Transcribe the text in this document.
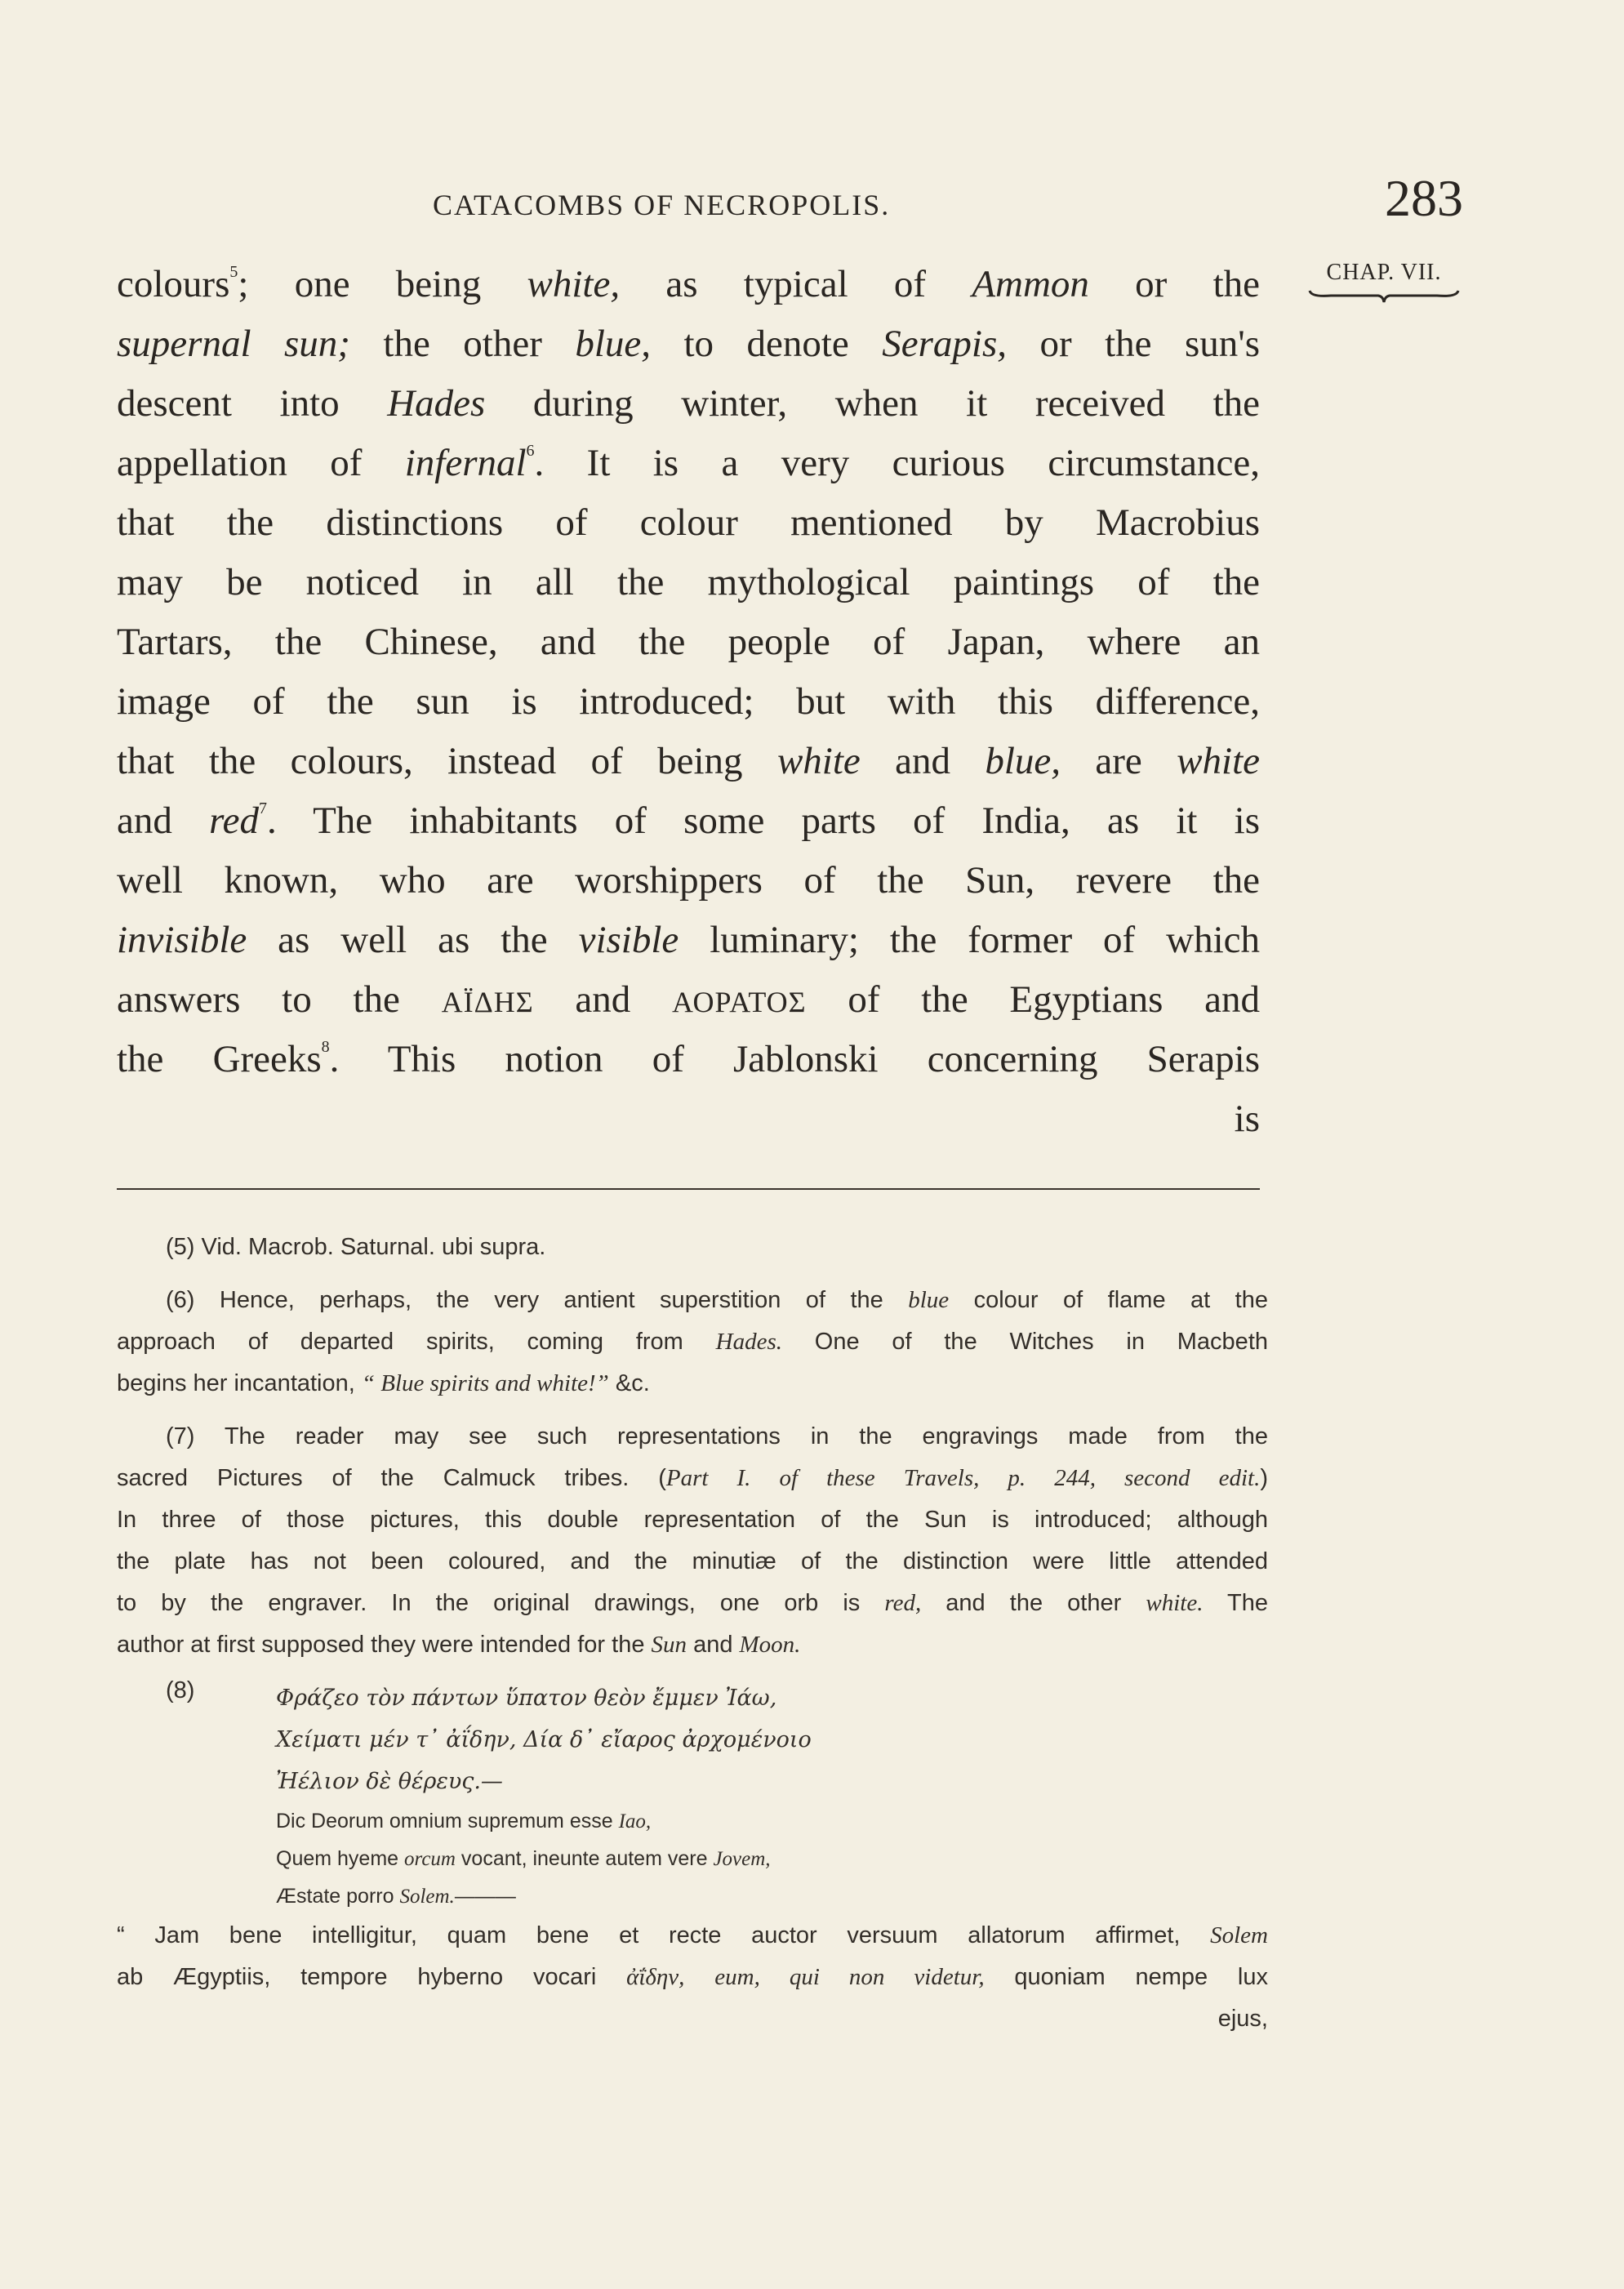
CATACOMBS OF NECROPOLIS.	283
CHAP. VII.
colours$^5$; one being white, as typical of Ammon or the
supernal sun; the other blue, to denote Serapis, or the sun's
descent into Hades during winter, when it received the
appellation of infernal$^6$. It is a very curious circumstance,
that the distinctions of colour mentioned by Macrobius
may be noticed in all the mythological paintings of the
Tartars, the Chinese, and the people of Japan, where an
image of the sun is introduced; but with this difference,
that the colours, instead of being white and blue, are white
and red$^7$. The inhabitants of some parts of India, as it is
well known, who are worshippers of the Sun, revere the
invisible as well as the visible luminary; the former of which
answers to the ΑΪΔΗΣ and ΑΟΡΑΤΟΣ of the Egyptians and
the Greeks$^8$. This notion of Jablonski concerning Serapis
is
(5) Vid. Macrob. Saturnal. ubi supra.
(6) Hence, perhaps, the very antient superstition of the blue colour of flame at the
approach of departed spirits, coming from Hades. One of the Witches in Macbeth
begins her incantation, “ Blue spirits and white!” &c.
(7) The reader may see such representations in the engravings made from the
sacred Pictures of the Calmuck tribes. (Part I. of these Travels, p. 244, second edit.)
In three of those pictures, this double representation of the Sun is introduced; although
the plate has not been coloured, and the minutiæ of the distinction were little attended
to by the engraver. In the original drawings, one orb is red, and the other white. The
author at first supposed they were intended for the Sun and Moon.
(8)	Φράζεο τὸν πάντων ὕπατον θεὸν ἔμμεν Ἰάω,
Χείματι μέν τ᾽ ἀΐδην, Δία δ᾽ εἴαρος ἀρχομένοιο
Ἠέλιον δὲ θέρευς.—
Dic Deorum omnium supremum esse Iao,
Quem hyeme orcum vocant, ineunte autem vere Jovem,
Æstate porro Solem.———
“ Jam bene intelligitur, quam bene et recte auctor versuum allatorum affirmet, Solem
ab Ægyptiis, tempore hyberno vocari ἀΐδην, eum, qui non videtur, quoniam nempe lux
ejus,
